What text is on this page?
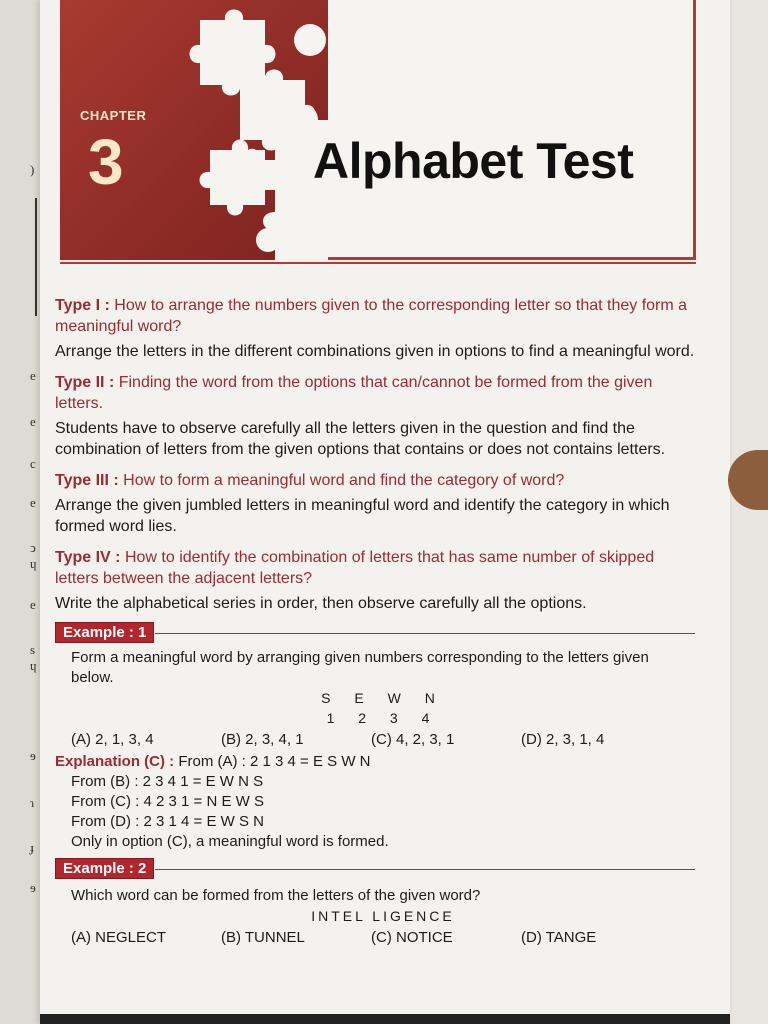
)
e
e
c
e
ↄ
ɥ
e
s
ɥ
ɘ
ɿ
ɟ
ɘ
CHAPTER
3	Alphabet Test

Type I : How to arrange the numbers given to the corresponding letter so that they form a meaningful word?

Arrange the letters in the different combinations given in options to find a meaningful word.

Type II : Finding the word from the options that can/cannot be formed from the given letters.

Students have to observe carefully all the letters given in the question and find the combination of letters from the given options that contains or does not contains letters.

Type III : How to form a meaningful word and find the category of word?

Arrange the given jumbled letters in meaningful word and identify the category in which formed word lies.

Type IV : How to identify the combination of letters that has same number of skipped letters between the adjacent letters?

Write the alphabetical series in order, then observe carefully all the options.

Example : 1
Form a meaningful word by arranging given numbers corresponding to the letters given below.
S E W N
1 2 3 4
(A) 2, 1, 3, 4	(B) 2, 3, 4, 1	(C) 4, 2, 3, 1	(D) 2, 3, 1, 4
Explanation (C) : From (A) : 2 1 3 4 = E S W N
From (B) : 2 3 4 1 = E W N S
From (C) : 4 2 3 1 = N E W S
From (D) : 2 3 1 4 = E W S N
Only in option (C), a meaningful word is formed.
Example : 2
Which word can be formed from the letters of the given word?
INTEL LIGENCE
(A) NEGLECT	(B) TUNNEL	(C) NOTICE	(D) TANGE
